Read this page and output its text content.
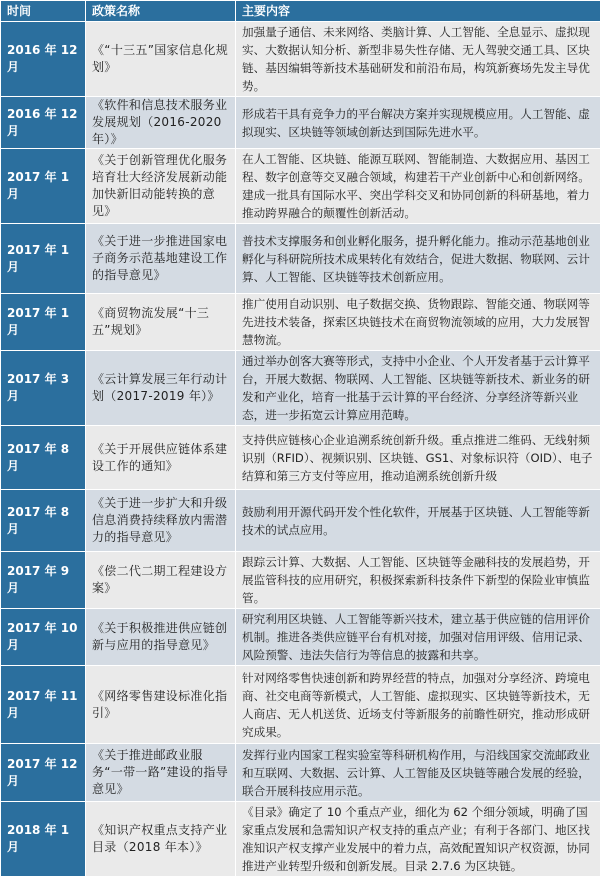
时间	政策名称	主要内容
2016 年 12 月	《“十三五”国家信息化规划》	加强量子通信、未来网络、类脑计算、人工智能、全息显示、虚拟现实、大数据认知分析、新型非易失性存储、无人驾驶交通工具、区块链、基因编辑等新技术基础研发和前沿布局，构筑新赛场先发主导优势。
2016 年 12 月	《软件和信息技术服务业发展规划（2016-2020 年）》	形成若干具有竞争力的平台解决方案并实现规模应用。人工智能、虚拟现实、区块链等领域创新达到国际先进水平。
2017 年 1 月	《关于创新管理优化服务培育壮大经济发展新动能加快新旧动能转换的意见》	在人工智能、区块链、能源互联网、智能制造、大数据应用、基因工程、数字创意等交叉融合领域，构建若干产业创新中心和创新网络。建成一批具有国际水平、突出学科交叉和协同创新的科研基地，着力推动跨界融合的颠覆性创新活动。
2017 年 1 月	《关于进一步推进国家电子商务示范基地建设工作的指导意见》	普技术支撑服务和创业孵化服务，提升孵化能力。推动示范基地创业孵化与科研院所技术成果转化有效结合，促进大数据、物联网、云计算、人工智能、区块链等技术创新应用。
2017 年 1 月	《商贸物流发展“十三五”规划》	推广使用自动识别、电子数据交换、货物跟踪、智能交通、物联网等先进技术装备，探索区块链技术在商贸物流领域的应用，大力发展智慧物流。
2017 年 3 月	《云计算发展三年行动计划（2017-2019 年）》	通过举办创客大赛等形式，支持中小企业、个人开发者基于云计算平台，开展大数据、物联网、人工智能、区块链等新技术、新业务的研发和产业化，培育一批基于云计算的平台经济、分享经济等新兴业态，进一步拓宽云计算应用范畴。
2017 年 8 月	《关于开展供应链体系建设工作的通知》	支持供应链核心企业追溯系统创新升级。重点推进二维码、无线射频识别（RFID）、视频识别、区块链、GS1、对象标识符（OID）、电子结算和第三方支付等应用，推动追溯系统创新升级
2017 年 8 月	《关于进一步扩大和升级信息消费持续释放内需潜力的指导意见》	鼓励利用开源代码开发个性化软件，开展基于区块链、人工智能等新技术的试点应用。
2017 年 9 月	《偿二代二期工程建设方案》	跟踪云计算、大数据、人工智能、区块链等金融科技的发展趋势，开展监管科技的应用研究，积极探索新科技条件下新型的保险业审慎监管。
2017 年 10 月	《关于积极推进供应链创新与应用的指导意见》	研究利用区块链、人工智能等新兴技术，建立基于供应链的信用评价机制。推进各类供应链平台有机对接，加强对信用评级、信用记录、风险预警、违法失信行为等信息的披露和共享。
2017 年 11 月	《网络零售建设标准化指引》	针对网络零售快速创新和跨界经营的特点，加强对分享经济、跨境电商、社交电商等新模式，人工智能、虚拟现实、区块链等新技术，无人商店、无人机送货、近场支付等新服务的前瞻性研究，推动形成研究成果。
2017 年 12 月	《关于推进邮政业服务“一带一路”建设的指导意见》	发挥行业内国家工程实验室等科研机构作用，与沿线国家交流邮政业和互联网、大数据、云计算、人工智能及区块链等融合发展的经验，联合开展科技应用示范。
2018 年 1 月	《知识产权重点支持产业目录（2018 年本）》	《目录》确定了 10 个重点产业，细化为 62 个细分领域，明确了国家重点发展和急需知识产权支持的重点产业；有利于各部门、地区找准知识产权支撑产业发展中的着力点，高效配置知识产权资源，协同推进产业转型升级和创新发展。目录 2.7.6 为区块链。
